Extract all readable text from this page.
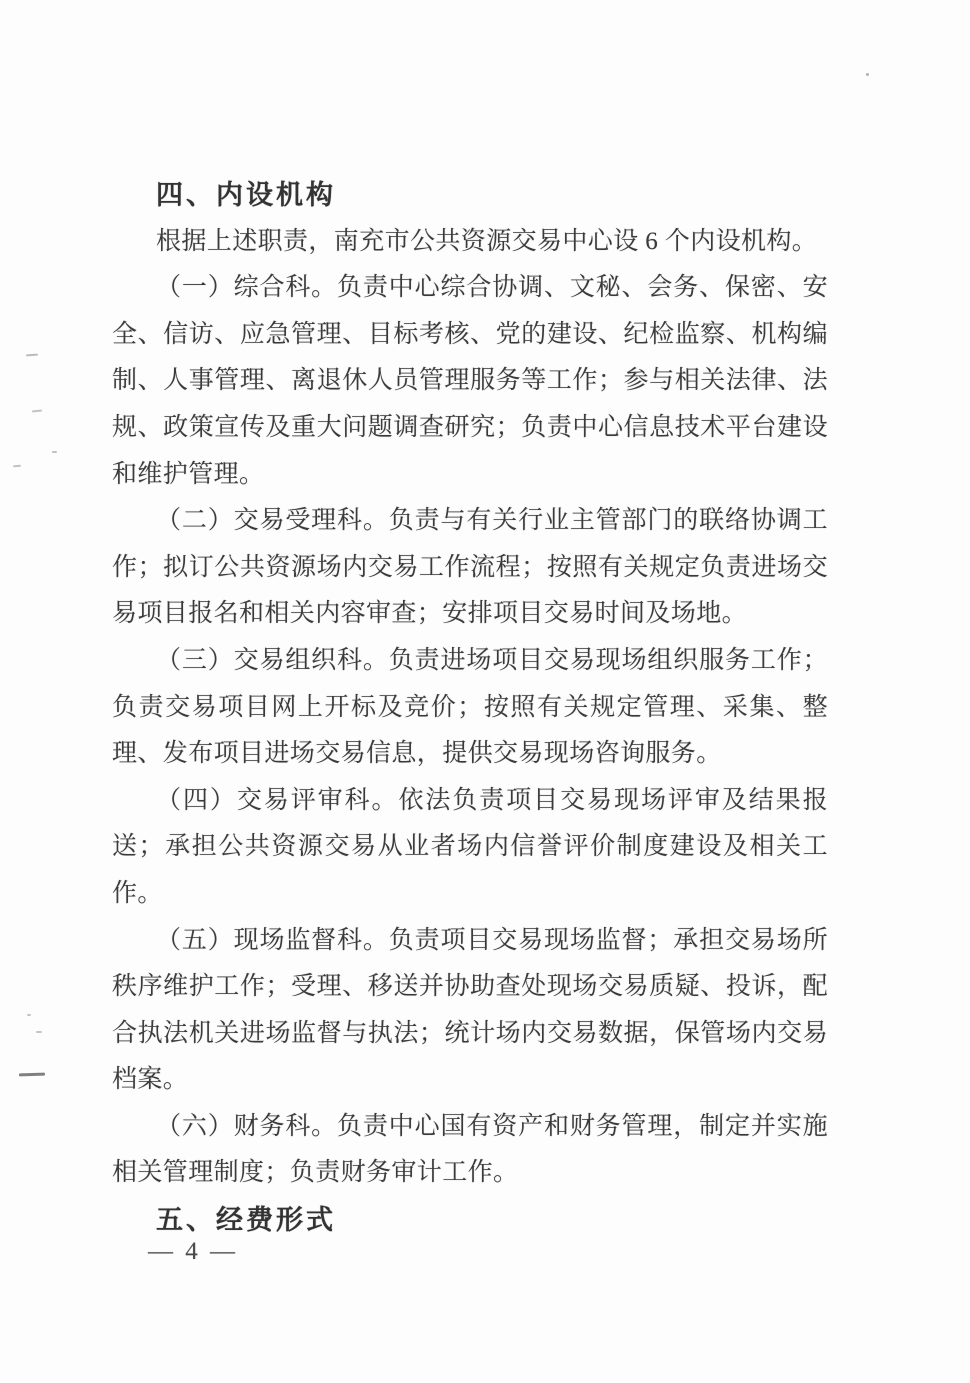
四、内设机构

根据上述职责，南充市公共资源交易中心设 6 个内设机构。

（一）综合科。负责中心综合协调、文秘、会务、保密、安全、信访、应急管理、目标考核、党的建设、纪检监察、机构编制、人事管理、离退休人员管理服务等工作；参与相关法律、法规、政策宣传及重大问题调查研究；负责中心信息技术平台建设和维护管理。

（二）交易受理科。负责与有关行业主管部门的联络协调工作；拟订公共资源场内交易工作流程；按照有关规定负责进场交易项目报名和相关内容审查；安排项目交易时间及场地。

（三）交易组织科。负责进场项目交易现场组织服务工作；负责交易项目网上开标及竞价；按照有关规定管理、采集、整理、发布项目进场交易信息，提供交易现场咨询服务。

（四）交易评审科。依法负责项目交易现场评审及结果报送；承担公共资源交易从业者场内信誉评价制度建设及相关工作。

（五）现场监督科。负责项目交易现场监督；承担交易场所秩序维护工作；受理、移送并协助查处现场交易质疑、投诉，配合执法机关进场监督与执法；统计场内交易数据，保管场内交易档案。

（六）财务科。负责中心国有资产和财务管理，制定并实施相关管理制度；负责财务审计工作。

五、经费形式

— 4 —
